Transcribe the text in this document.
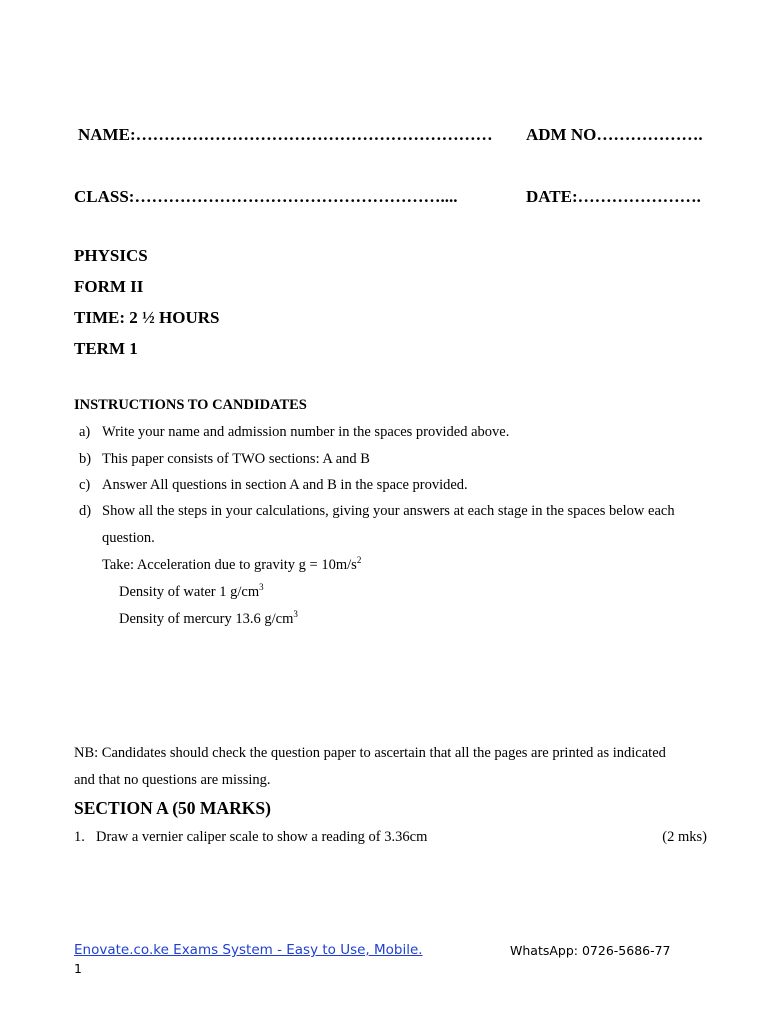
NAME:……………………………………………………… ADM NO……………….
CLASS:………………………………………………....	DATE:………………….
PHYSICS
FORM II
TIME: 2 ½ HOURS
TERM 1
INSTRUCTIONS TO CANDIDATES
a) Write your name and admission number in the spaces provided above.
b) This paper consists of TWO sections: A and B
c) Answer All questions in section A and B in the space provided.
d) Show all the steps in your calculations, giving your answers at each stage in the spaces below each
question.
Take: Acceleration due to gravity $g = 10m/s^2$
Density of water 1 $g/cm^3$
Density of mercury 13.6 $g/cm^3$
NB: Candidates should check the question paper to ascertain that all the pages are printed as indicated
and that no questions are missing.
SECTION A (50 MARKS)
1. Draw a vernier caliper scale to show a reading of 3.36cm	(2 mks)
Enovate.co.ke Exams System - Easy to Use, Mobile.	WhatsApp: 0726-5686-77
1
